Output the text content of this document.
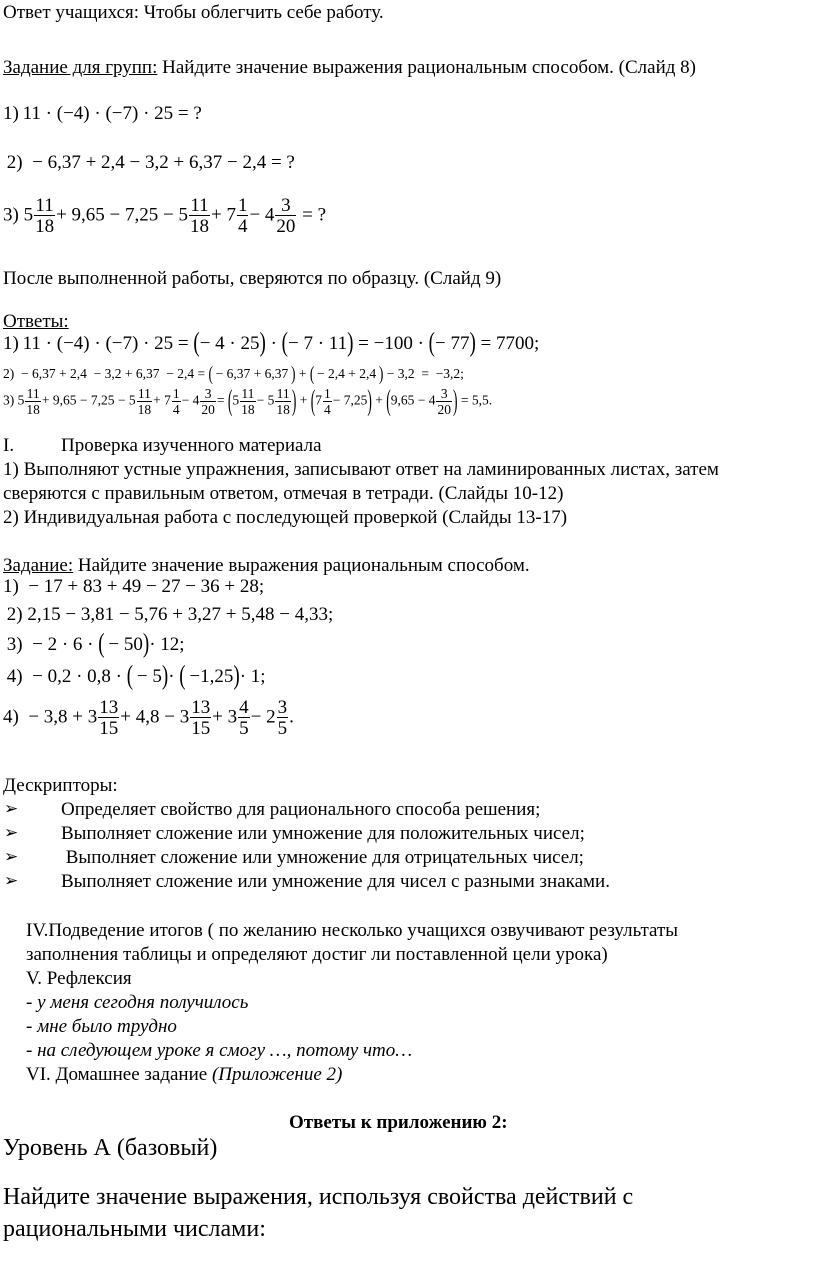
Ответ учащихся: Чтобы облегчить себе работу.
Задание для групп: Найдите значение выражения рациональным способом. (Слайд 8)
1) 11 · (−4) · (−7) · 25 = ?
 2)  − 6,37 + 2,4 − 3,2 + 6,37 − 2,4 = ?
3) $5 \frac{11}{18} + 9,65 - 7,25 - 5 \frac{11}{18} + 7 \frac{1}{4} - 4 \frac{3}{20}$ = ?
После выполненной работы, сверяются по образцу. (Слайд 9)
Ответы:
1) 11 · (−4) · (−7) · 25 = (− 4 · 25) · (− 7 · 11) = −100 · (− 77) = 7700;
2)  − 6,37 + 2,4  − 3,2 + 6,37  − 2,4 = ( − 6,37 + 6,37 ) + ( − 2,4 + 2,4 ) − 3,2  =  −3,2;
3) $5 \frac{11}{18} + 9,65 - 7,25 - 5 \frac{11}{18} + 7 \frac{1}{4} - 4 \frac{3}{20} = (5 \frac{11}{18} - 5 \frac{11}{18}$ ) + $(7 \frac{1}{4} - 7,25) + (9,65 - 4 \frac{3}{20}$ ) = 5,5.
I. Проверка изученного материала
1) Выполняют устные упражнения, записывают ответ на ламинированных листах, затем
сверяются с правильным ответом, отмечая в тетради. (Слайды 10-12)
2) Индивидуальная работа с последующей проверкой (Слайды 13-17)
Задание: Найдите значение выражения рациональным способом.
1)  − 17 + 83 + 49 − 27 − 36 + 28;
 2) 2,15 − 3,81 − 5,76 + 3,27 + 5,48 − 4,33;
 3)  − 2 · 6 · ( − 50)· 12;
 4)  − 0,2 · 0,8 · ( − 5)· ( −1,25)· 1;
$4) - 3,8 + 3 \frac{13}{15} + 4,8 - 3 \frac{13}{15} + 3 \frac{4}{5} - 2 \frac{3}{5}$ .
Дескрипторы:
➢ Определяет свойство для рационального способа решения;
➢ Выполняет сложение или умножение для положительных чисел;
➢ Выполняет сложение или умножение для отрицательных чисел;
➢ Выполняет сложение или умножение для чисел с разными знаками.
IV.Подведение итогов ( по желанию несколько учащихся озвучивают результаты
заполнения таблицы и определяют достиг ли поставленной цели урока)
V. Рефлексия
- у меня сегодня получилось
- мне было трудно
- на следующем уроке я смогу …, потому что…
VI. Домашнее задание (Приложение 2)
Ответы к приложению 2:
Уровень А (базовый)
Найдите значение выражения, используя свойства действий с
рациональными числами:
